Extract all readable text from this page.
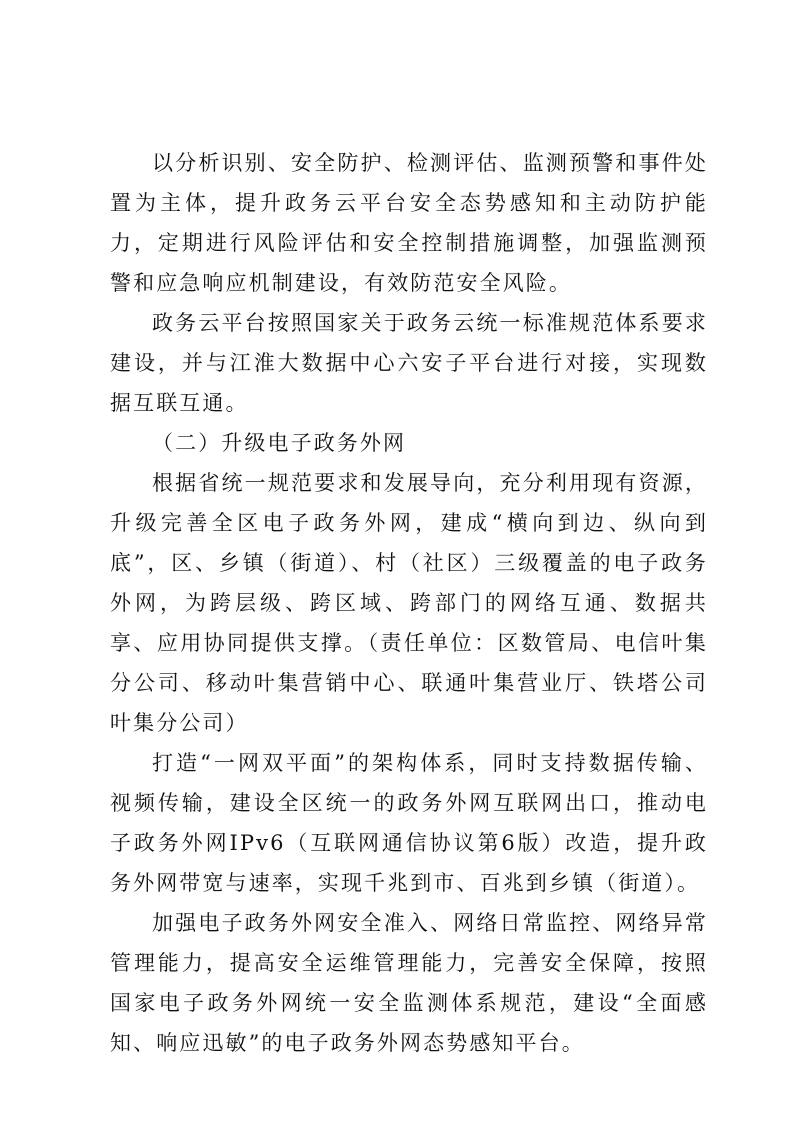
以分析识别、安全防护、检测评估、监测预警和事件处置为主体，提升政务云平台安全态势感知和主动防护能力，定期进行风险评估和安全控制措施调整，加强监测预警和应急响应机制建设，有效防范安全风险。

政务云平台按照国家关于政务云统一标准规范体系要求建设，并与江淮大数据中心六安子平台进行对接，实现数据互联互通。

（二）升级电子政务外网

根据省统一规范要求和发展导向，充分利用现有资源，升级完善全区电子政务外网，建成“横向到边、纵向到底”，区、乡镇（街道）、村（社区）三级覆盖的电子政务外网，为跨层级、跨区域、跨部门的网络互通、数据共享、应用协同提供支撑。（责任单位：区数管局、电信叶集分公司、移动叶集营销中心、联通叶集营业厅、铁塔公司叶集分公司）

打造“一网双平面”的架构体系，同时支持数据传输、视频传输，建设全区统一的政务外网互联网出口，推动电子政务外网IPv6（互联网通信协议第6版）改造，提升政务外网带宽与速率，实现千兆到市、百兆到乡镇（街道）。

加强电子政务外网安全准入、网络日常监控、网络异常管理能力，提高安全运维管理能力，完善安全保障，按照国家电子政务外网统一安全监测体系规范，建设“全面感知、响应迅敏”的电子政务外网态势感知平台。
